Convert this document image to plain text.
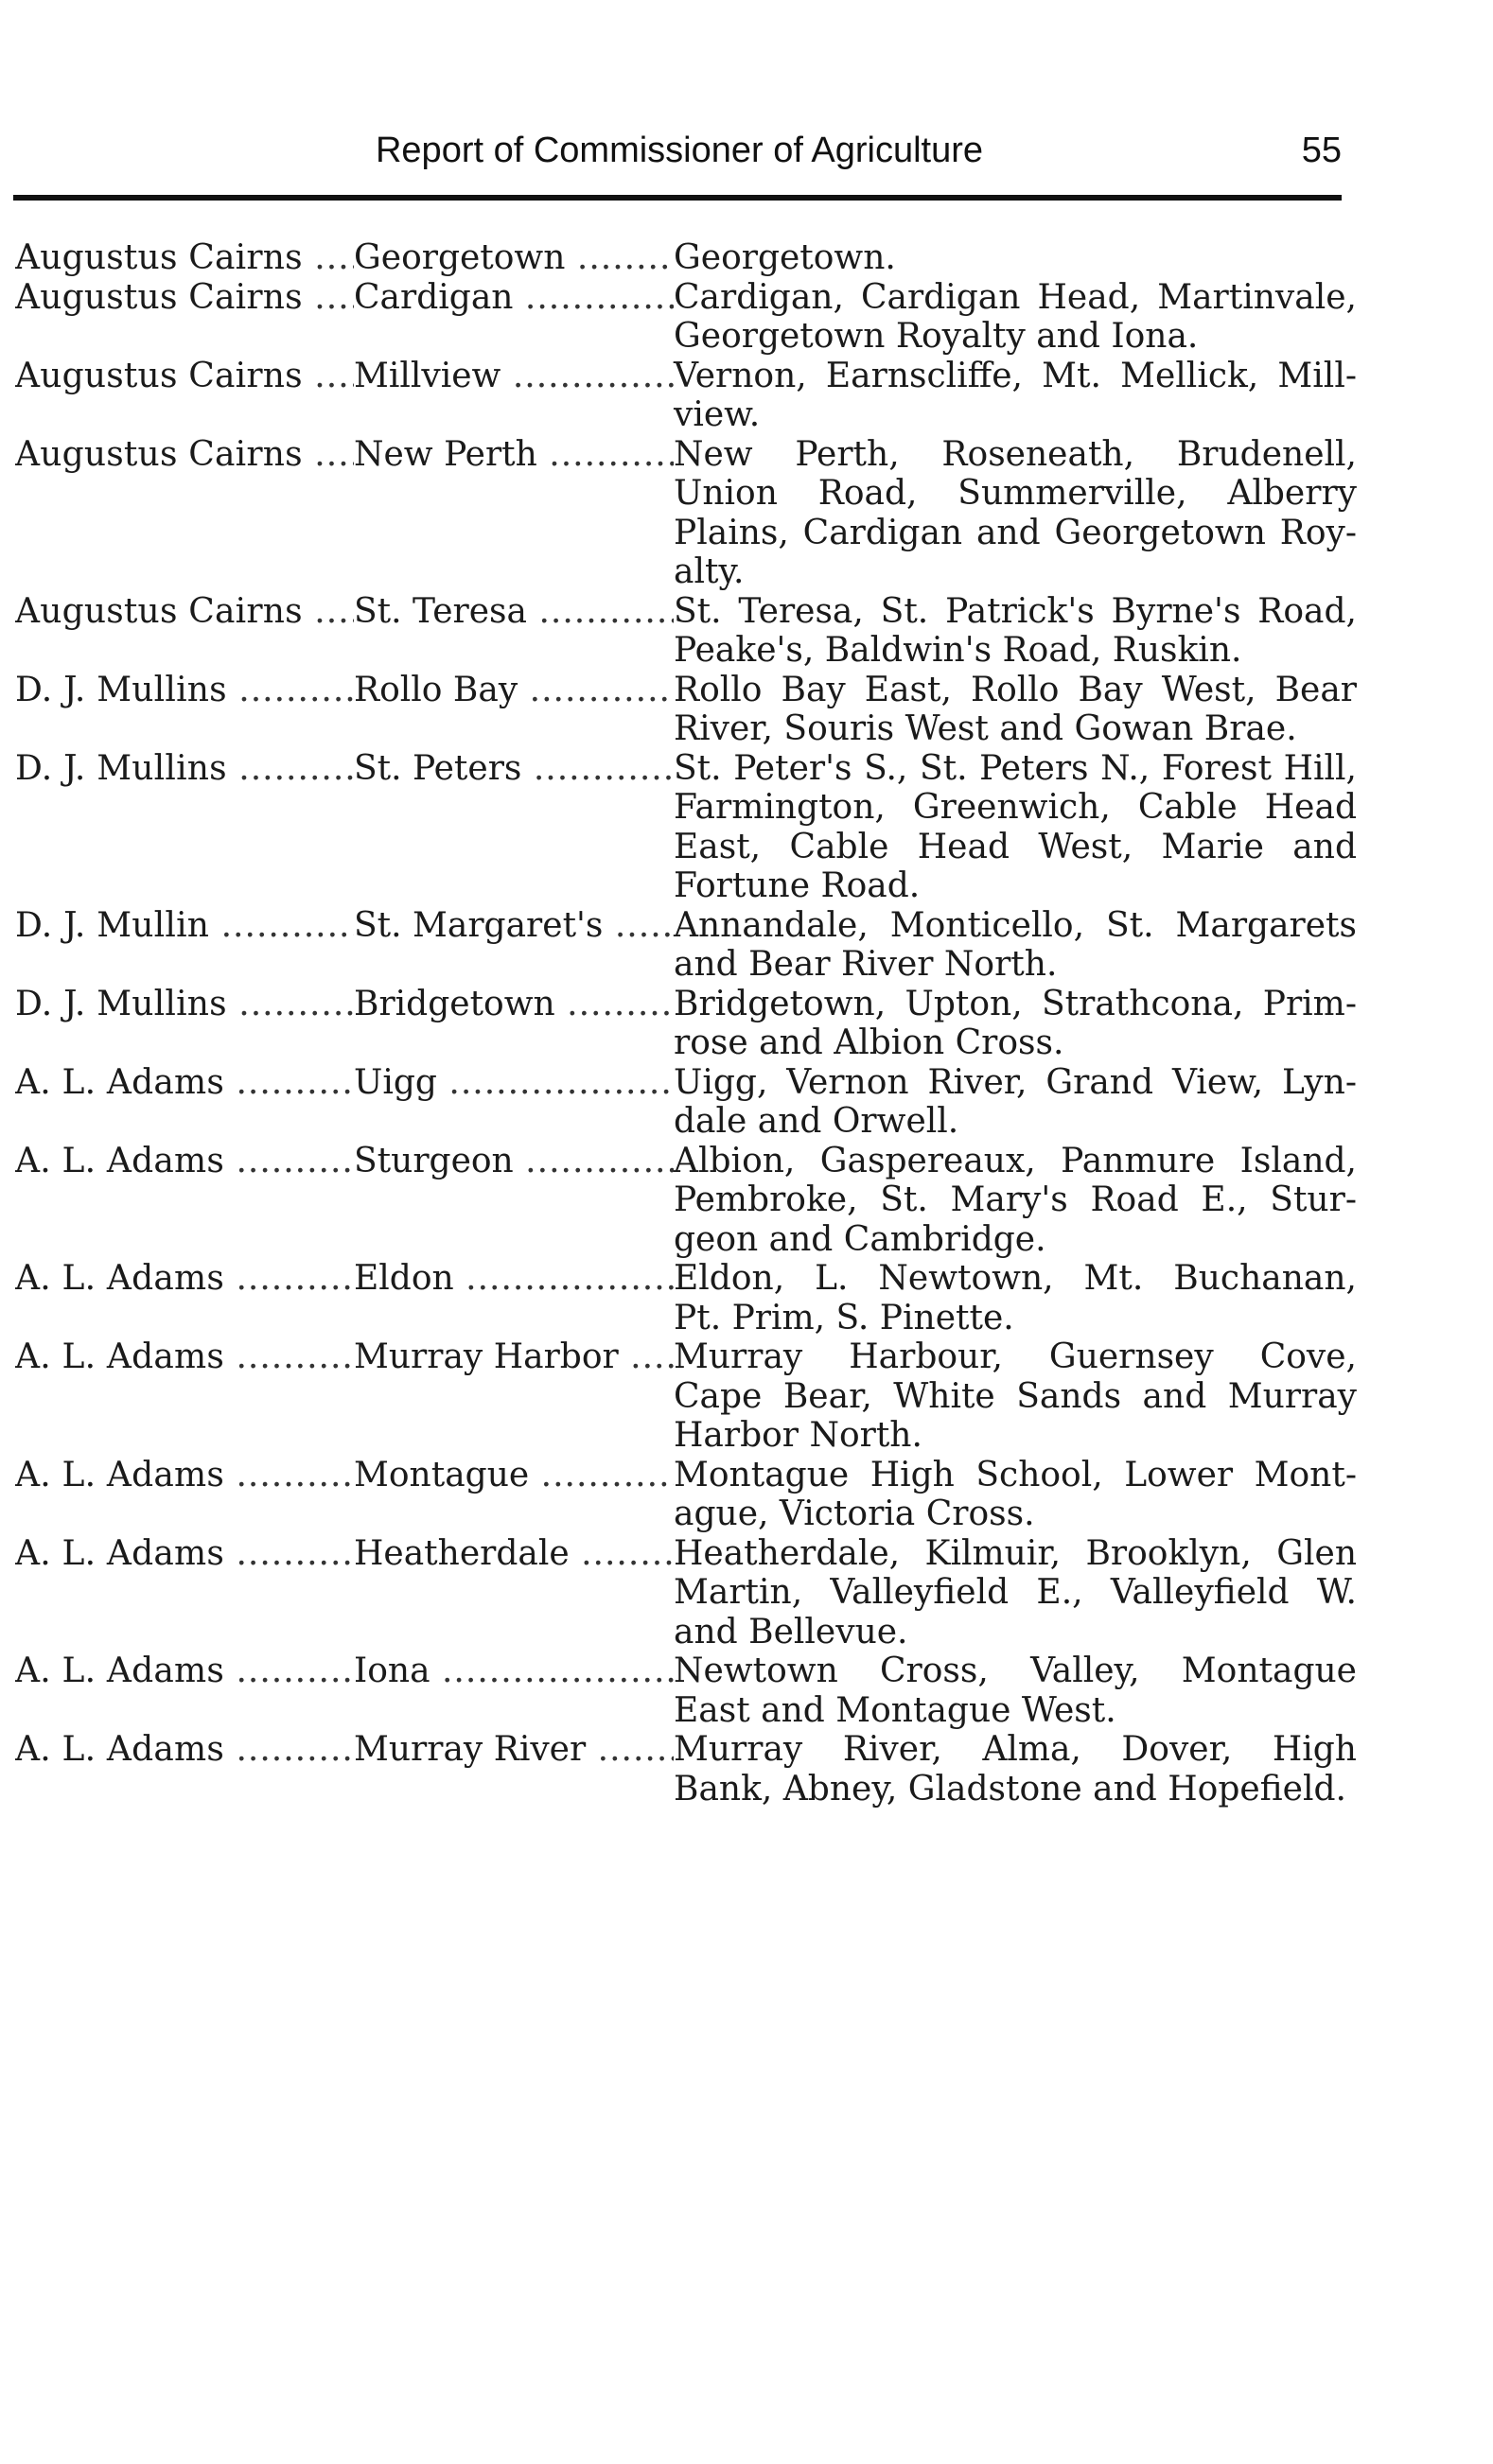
Report of Commissioner of Agriculture	55
Augustus Cairns .....	Georgetown .....	Georgetown.
Augustus Cairns .....	Cardigan .....	Cardigan, Cardigan Head, Martinvale,
Georgetown Royalty and Iona.
Augustus Cairns .....	Millview .....	Vernon, Earnscliffe, Mt. Mellick, Mill-
view.
Augustus Cairns .....	New Perth .....	New Perth, Roseneath, Brudenell,
Union Road, Summerville, Alberry
Plains, Cardigan and Georgetown Roy-
alty.
Augustus Cairns .....	St. Teresa .....	St. Teresa, St. Patrick's Byrne's Road,
Peake's, Baldwin's Road, Ruskin.
D. J. Mullins .....	Rollo Bay .....	Rollo Bay East, Rollo Bay West, Bear
River, Souris West and Gowan Brae.
D. J. Mullins .....	St. Peters .....	St. Peter's S., St. Peters N., Forest Hill,
Farmington, Greenwich, Cable Head
East, Cable Head West, Marie and
Fortune Road.
D. J. Mullin .....	St. Margaret's .....	Annandale, Monticello, St. Margarets
and Bear River North.
D. J. Mullins .....	Bridgetown .....	Bridgetown, Upton, Strathcona, Prim-
rose and Albion Cross.
A. L. Adams .....	Uigg .....	Uigg, Vernon River, Grand View, Lyn-
dale and Orwell.
A. L. Adams .....	Sturgeon .....	Albion, Gaspereaux, Panmure Island,
Pembroke, St. Mary's Road E., Stur-
geon and Cambridge.
A. L. Adams .....	Eldon .....	Eldon, L. Newtown, Mt. Buchanan,
Pt. Prim, S. Pinette.
A. L. Adams .....	Murray Harbor .....	Murray Harbour, Guernsey Cove,
Cape Bear, White Sands and Murray
Harbor North.
A. L. Adams .....	Montague .....	Montague High School, Lower Mont-
ague, Victoria Cross.
A. L. Adams .....	Heatherdale .....	Heatherdale, Kilmuir, Brooklyn, Glen
Martin, Valleyfield E., Valleyfield W.
and Bellevue.
A. L. Adams .....	Iona .....	Newtown Cross, Valley, Montague
East and Montague West.
A. L. Adams .....	Murray River .....	Murray River, Alma, Dover, High
Bank, Abney, Gladstone and Hopefield.
